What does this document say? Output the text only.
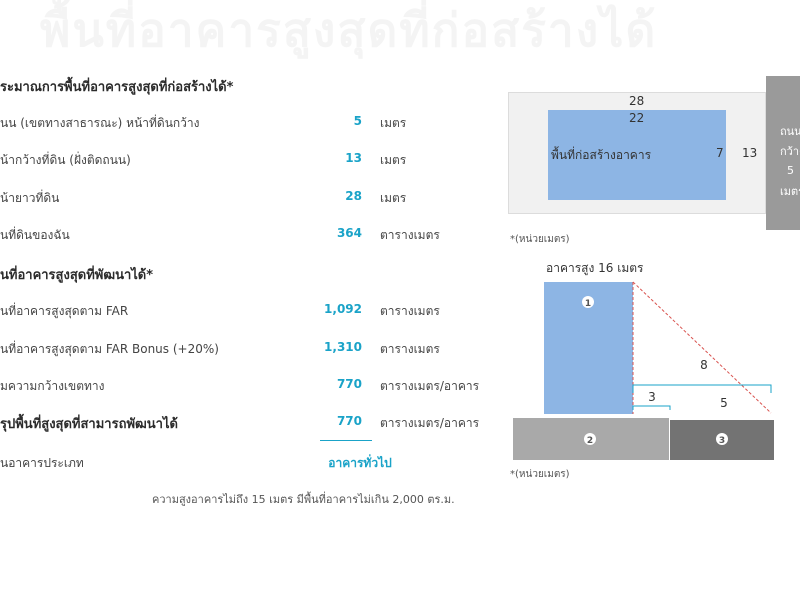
พื้นที่อาคารสูงสุดที่ก่อสร้างได้
ระมาณการพื้นที่อาคารสูงสุดที่ก่อสร้างได้*
นน (เขตทางสาธารณะ) หน้าที่ดินกว้าง	5 เมตร
น้ากว้างที่ดิน (ฝั่งติดถนน)	13 เมตร
น้ายาวที่ดิน	28 เมตร
นที่ดินของฉัน	364 ตารางเมตร
นที่อาคารสูงสุดที่พัฒนาได้*
นที่อาคารสูงสุดตาม FAR	1,092 ตารางเมตร
นที่อาคารสูงสุดตาม FAR Bonus (+20%)	1,310 ตารางเมตร
มความกว้างเขตทาง	770 ตารางเมตร/อาคาร
รุปพื้นที่สูงสุดที่สามารถพัฒนาได้	770 ตารางเมตร/อาคาร
นอาคารประเภท	อาคารทั่วไป
ความสูงอาคารไม่ถึง 15 เมตร มีพื้นที่อาคารไม่เกิน 2,000 ตร.ม.
28
22
พื้นที่ก่อสร้างอาคาร	7 13
ถนน
กว้าง
5
เมตร
*(หน่วยเมตร)
อาคารสูง 16 เมตร
1
2	3
8
3	5
*(หน่วยเมตร)
